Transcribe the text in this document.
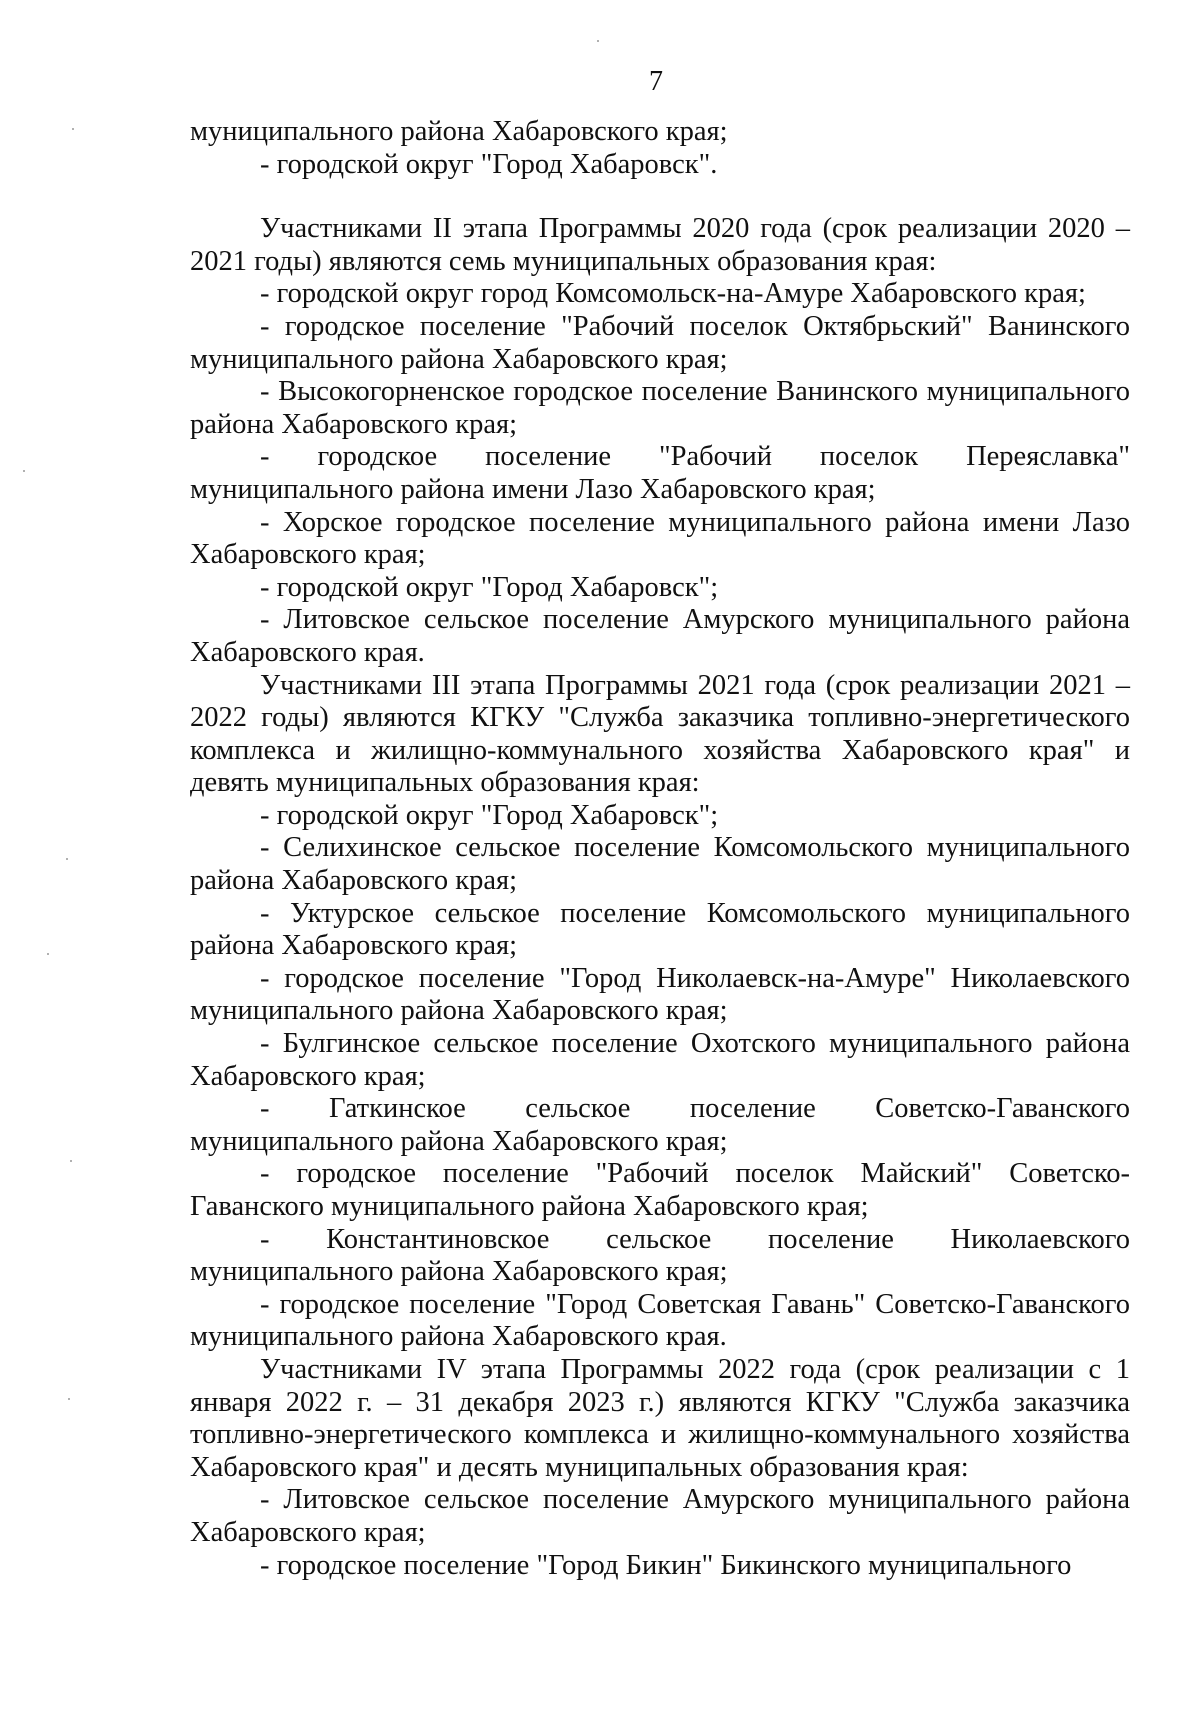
7

муниципального района Хабаровского края;

- городской округ "Город Хабаровск".

Участниками II этапа Программы 2020 года (срок реализации 2020 – 2021 годы) являются семь муниципальных образования края:

- городской округ город Комсомольск-на-Амуре Хабаровского края;

- городское поселение "Рабочий поселок Октябрьский" Ванинского муниципального района Хабаровского края;

- Высокогорненское городское поселение Ванинского муниципального района Хабаровского края;

- городское поселение "Рабочий поселок Переяславка" муниципального района имени Лазо Хабаровского края;

- Хорское городское поселение муниципального района имени Лазо Хабаровского края;

- городской округ "Город Хабаровск";

- Литовское сельское поселение Амурского муниципального района Хабаровского края.

Участниками III этапа Программы 2021 года (срок реализации 2021 – 2022 годы) являются КГКУ "Служба заказчика топливно-энергетического комплекса и жилищно-коммунального хозяйства Хабаровского края" и девять муниципальных образования края:

- городской округ "Город Хабаровск";

- Селихинское сельское поселение Комсомольского муниципального района Хабаровского края;

- Уктурское сельское поселение Комсомольского муниципального района Хабаровского края;

- городское поселение "Город Николаевск-на-Амуре" Николаевского муниципального района Хабаровского края;

- Булгинское сельское поселение Охотского муниципального района Хабаровского края;

- Гаткинское сельское поселение Советско-Гаванского муниципального района Хабаровского края;

- городское поселение "Рабочий поселок Майский" Советско-Гаванского муниципального района Хабаровского края;

- Константиновское сельское поселение Николаевского муниципального района Хабаровского края;

- городское поселение "Город Советская Гавань" Советско-Гаванского муниципального района Хабаровского края.

Участниками IV этапа Программы 2022 года (срок реализации с 1 января 2022 г. – 31 декабря 2023 г.) являются КГКУ "Служба заказчика топливно-энергетического комплекса и жилищно-коммунального хозяйства Хабаровского края" и десять муниципальных образования края:

- Литовское сельское поселение Амурского муниципального района Хабаровского края;

- городское поселение "Город Бикин" Бикинского муниципального
